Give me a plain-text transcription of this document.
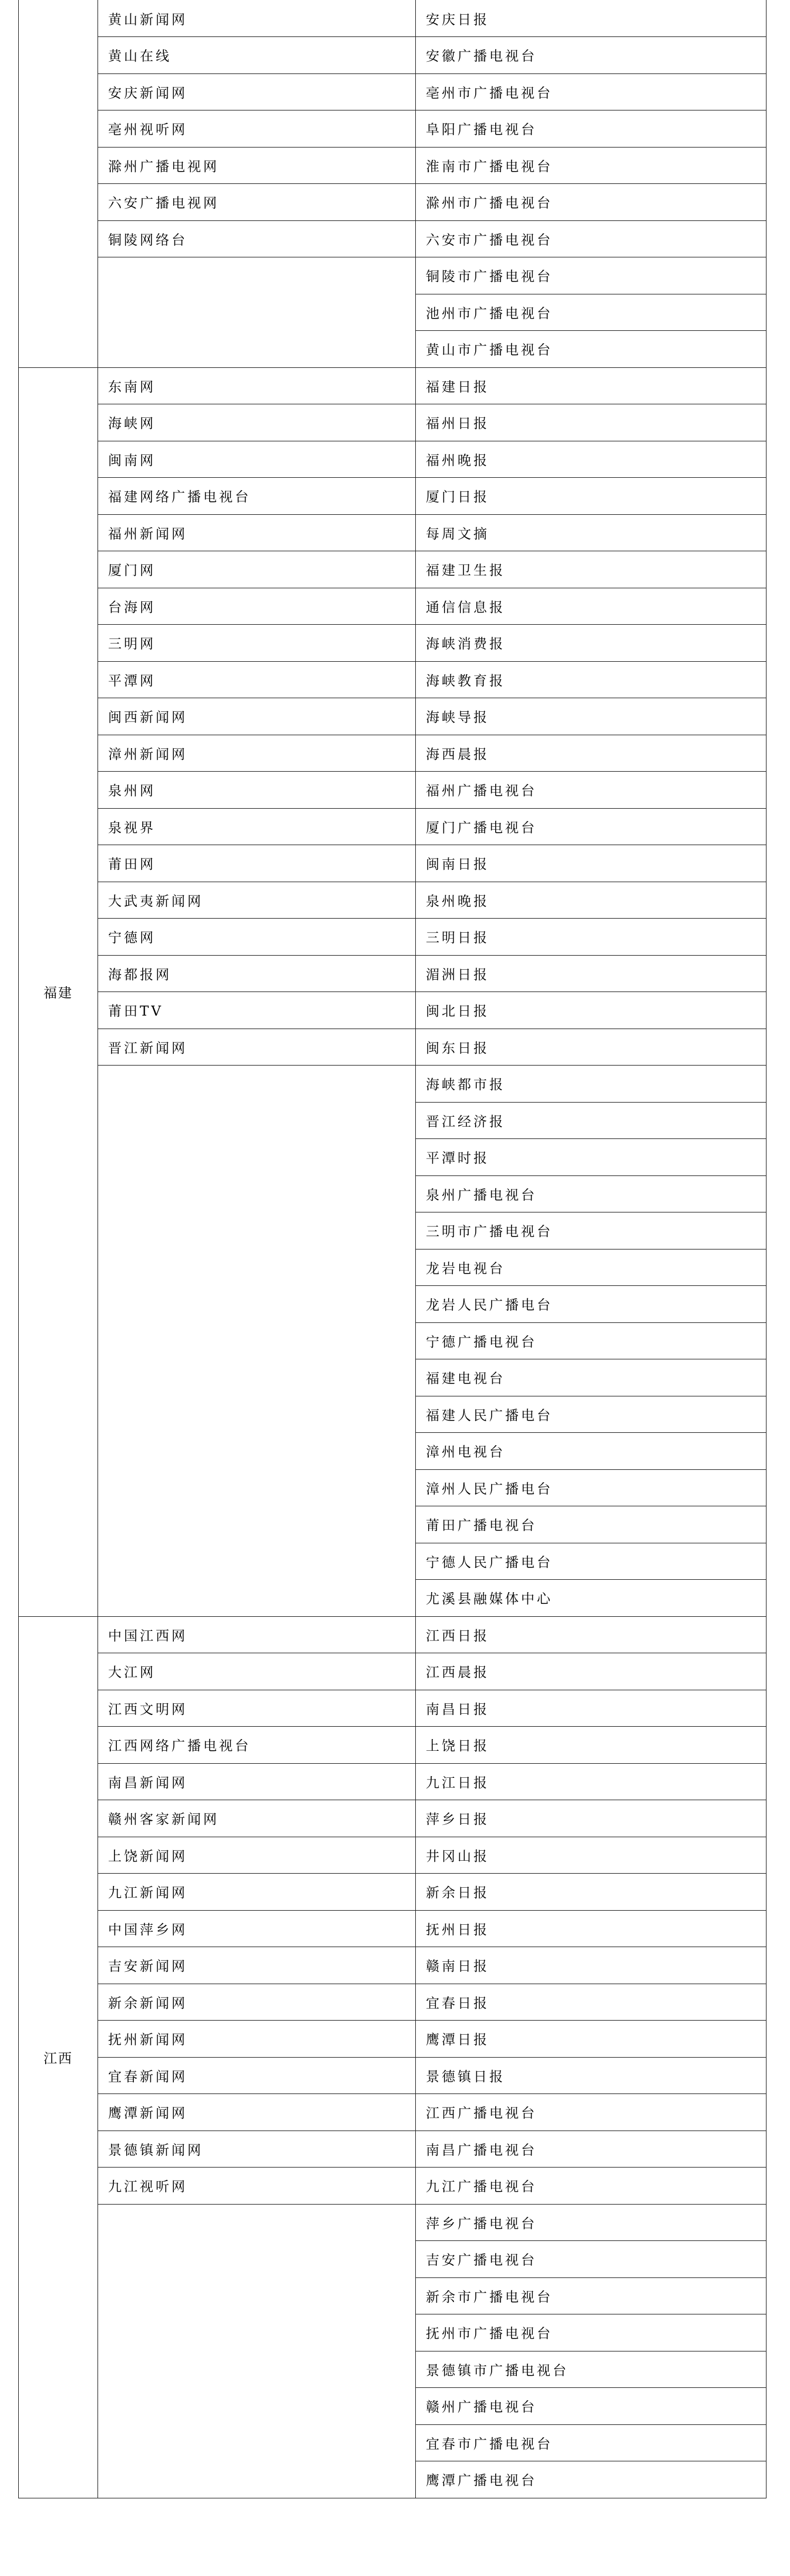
	黄山新闻网	安庆日报
	黄山在线	安徽广播电视台
	安庆新闻网	亳州市广播电视台
	亳州视听网	阜阳广播电视台
	滁州广播电视网	淮南市广播电视台
	六安广播电视网	滁州市广播电视台
	铜陵网络台	六安市广播电视台
		铜陵市广播电视台
		池州市广播电视台
		黄山市广播电视台
福建	东南网	福建日报
	海峡网	福州日报
	闽南网	福州晚报
	福建网络广播电视台	厦门日报
	福州新闻网	每周文摘
	厦门网	福建卫生报
	台海网	通信信息报
	三明网	海峡消费报
	平潭网	海峡教育报
	闽西新闻网	海峡导报
	漳州新闻网	海西晨报
	泉州网	福州广播电视台
	泉视界	厦门广播电视台
	莆田网	闽南日报
	大武夷新闻网	泉州晚报
	宁德网	三明日报
	海都报网	湄洲日报
	莆田TV	闽北日报
	晋江新闻网	闽东日报
		海峡都市报
		晋江经济报
		平潭时报
		泉州广播电视台
		三明市广播电视台
		龙岩电视台
		龙岩人民广播电台
		宁德广播电视台
		福建电视台
		福建人民广播电台
		漳州电视台
		漳州人民广播电台
		莆田广播电视台
		宁德人民广播电台
		尤溪县融媒体中心
江西	中国江西网	江西日报
	大江网	江西晨报
	江西文明网	南昌日报
	江西网络广播电视台	上饶日报
	南昌新闻网	九江日报
	赣州客家新闻网	萍乡日报
	上饶新闻网	井冈山报
	九江新闻网	新余日报
	中国萍乡网	抚州日报
	吉安新闻网	赣南日报
	新余新闻网	宜春日报
	抚州新闻网	鹰潭日报
	宜春新闻网	景德镇日报
	鹰潭新闻网	江西广播电视台
	景德镇新闻网	南昌广播电视台
	九江视听网	九江广播电视台
		萍乡广播电视台
		吉安广播电视台
		新余市广播电视台
		抚州市广播电视台
		景德镇市广播电视台
		赣州广播电视台
		宜春市广播电视台
		鹰潭广播电视台
